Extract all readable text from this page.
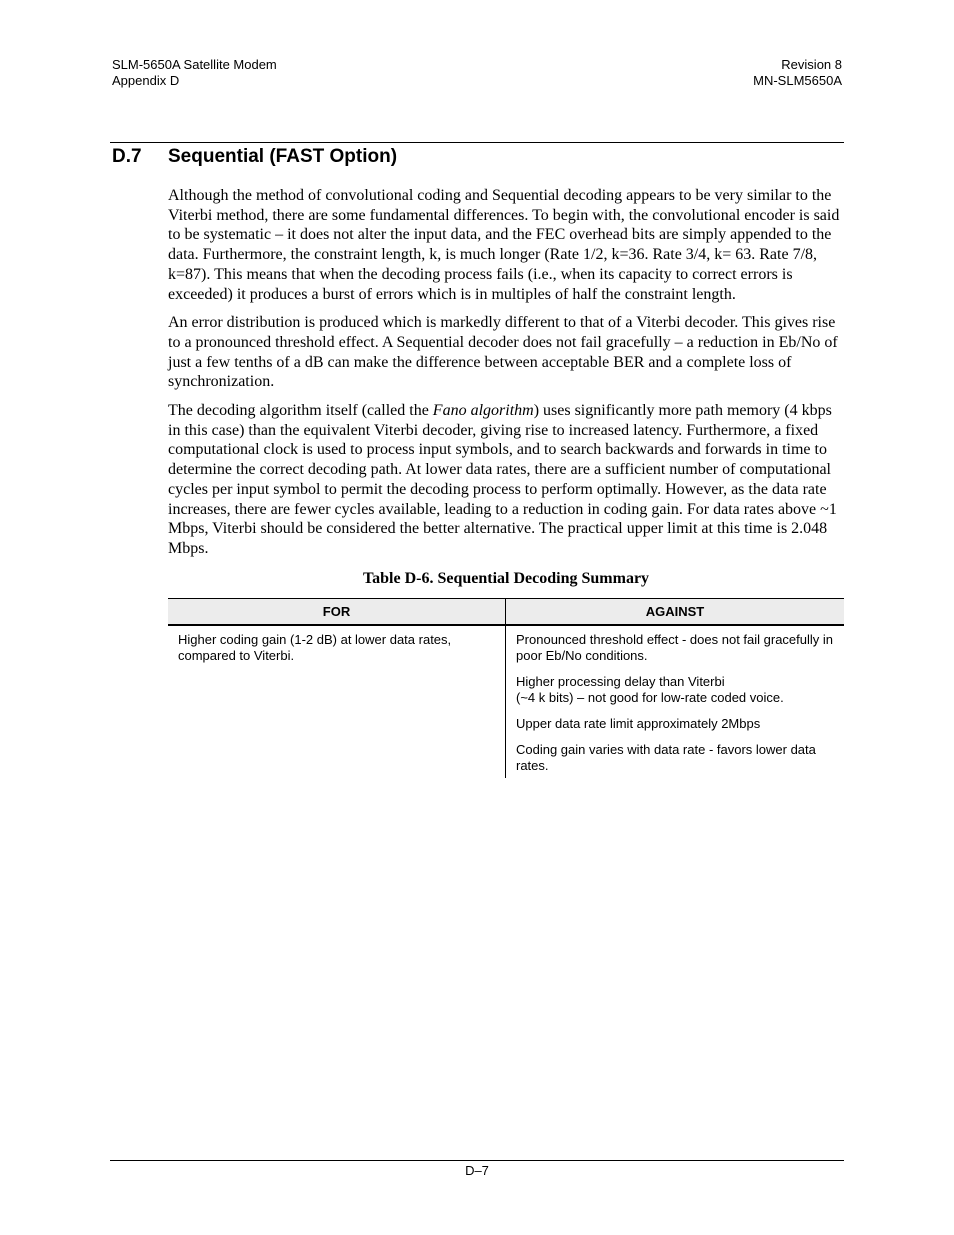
SLM-5650A Satellite Modem
Appendix D
Revision 8
MN-SLM5650A
D.7 Sequential (FAST Option)

Although the method of convolutional coding and Sequential decoding appears to be very similar to the Viterbi method, there are some fundamental differences. To begin with, the convolutional encoder is said to be systematic – it does not alter the input data, and the FEC overhead bits are simply appended to the data. Furthermore, the constraint length, k, is much longer (Rate 1/2, k=36. Rate 3/4, k= 63. Rate 7/8, k=87). This means that when the decoding process fails (i.e., when its capacity to correct errors is exceeded) it produces a burst of errors which is in multiples of half the constraint length.

An error distribution is produced which is markedly different to that of a Viterbi decoder. This gives rise to a pronounced threshold effect. A Sequential decoder does not fail gracefully – a reduction in Eb/No of just a few tenths of a dB can make the difference between acceptable BER and a complete loss of synchronization.

The decoding algorithm itself (called the Fano algorithm) uses significantly more path memory (4 kbps in this case) than the equivalent Viterbi decoder, giving rise to increased latency. Furthermore, a fixed computational clock is used to process input symbols, and to search backwards and forwards in time to determine the correct decoding path. At lower data rates, there are a sufficient number of computational cycles per input symbol to permit the decoding process to perform optimally. However, as the data rate increases, there are fewer cycles available, leading to a reduction in coding gain. For data rates above ~1 Mbps, Viterbi should be considered the better alternative. The practical upper limit at this time is 2.048 Mbps.

Table D-6. Sequential Decoding Summary
FOR	AGAINST

Higher coding gain (1-2 dB) at lower data rates, compared to Viterbi.	Pronounced threshold effect - does not fail gracefully in poor Eb/No conditions.
Higher processing delay than Viterbi
(~4 k bits) – not good for low-rate coded voice.
Upper data rate limit approximately 2Mbps
Coding gain varies with data rate - favors lower data rates.
D–7
